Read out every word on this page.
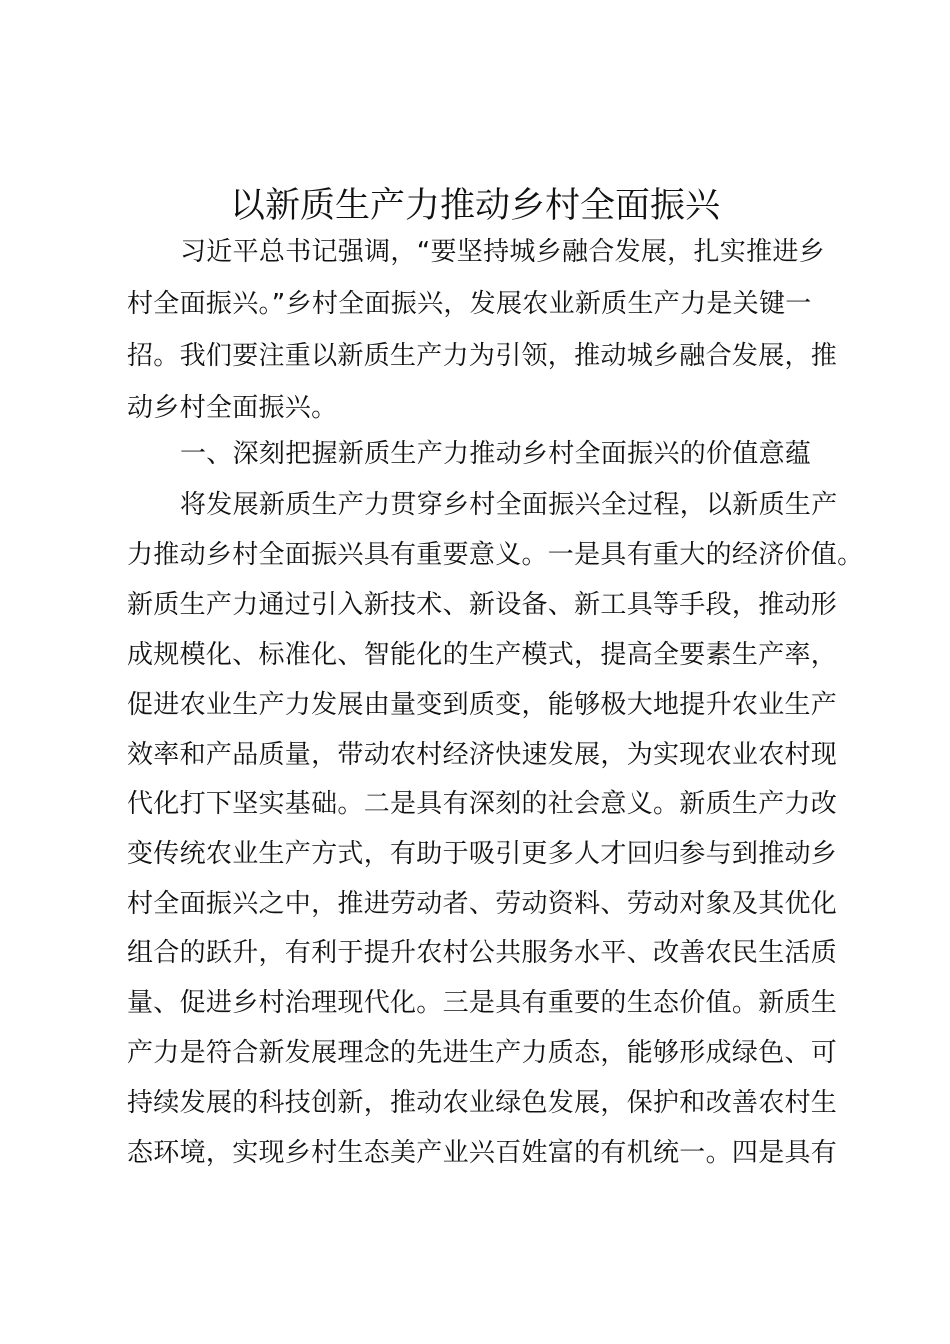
以新质生产力推动乡村全面振兴
习近平总书记强调，“要坚持城乡融合发展，扎实推进乡
村全面振兴。”乡村全面振兴，发展农业新质生产力是关键一
招。我们要注重以新质生产力为引领，推动城乡融合发展，推
动乡村全面振兴。
一、深刻把握新质生产力推动乡村全面振兴的价值意蕴
将发展新质生产力贯穿乡村全面振兴全过程，以新质生产
力推动乡村全面振兴具有重要意义。一是具有重大的经济价值。
新质生产力通过引入新技术、新设备、新工具等手段，推动形
成规模化、标准化、智能化的生产模式，提高全要素生产率，
促进农业生产力发展由量变到质变，能够极大地提升农业生产
效率和产品质量，带动农村经济快速发展，为实现农业农村现
代化打下坚实基础。二是具有深刻的社会意义。新质生产力改
变传统农业生产方式，有助于吸引更多人才回归参与到推动乡
村全面振兴之中，推进劳动者、劳动资料、劳动对象及其优化
组合的跃升，有利于提升农村公共服务水平、改善农民生活质
量、促进乡村治理现代化。三是具有重要的生态价值。新质生
产力是符合新发展理念的先进生产力质态，能够形成绿色、可
持续发展的科技创新，推动农业绿色发展，保护和改善农村生
态环境，实现乡村生态美产业兴百姓富的有机统一。四是具有
